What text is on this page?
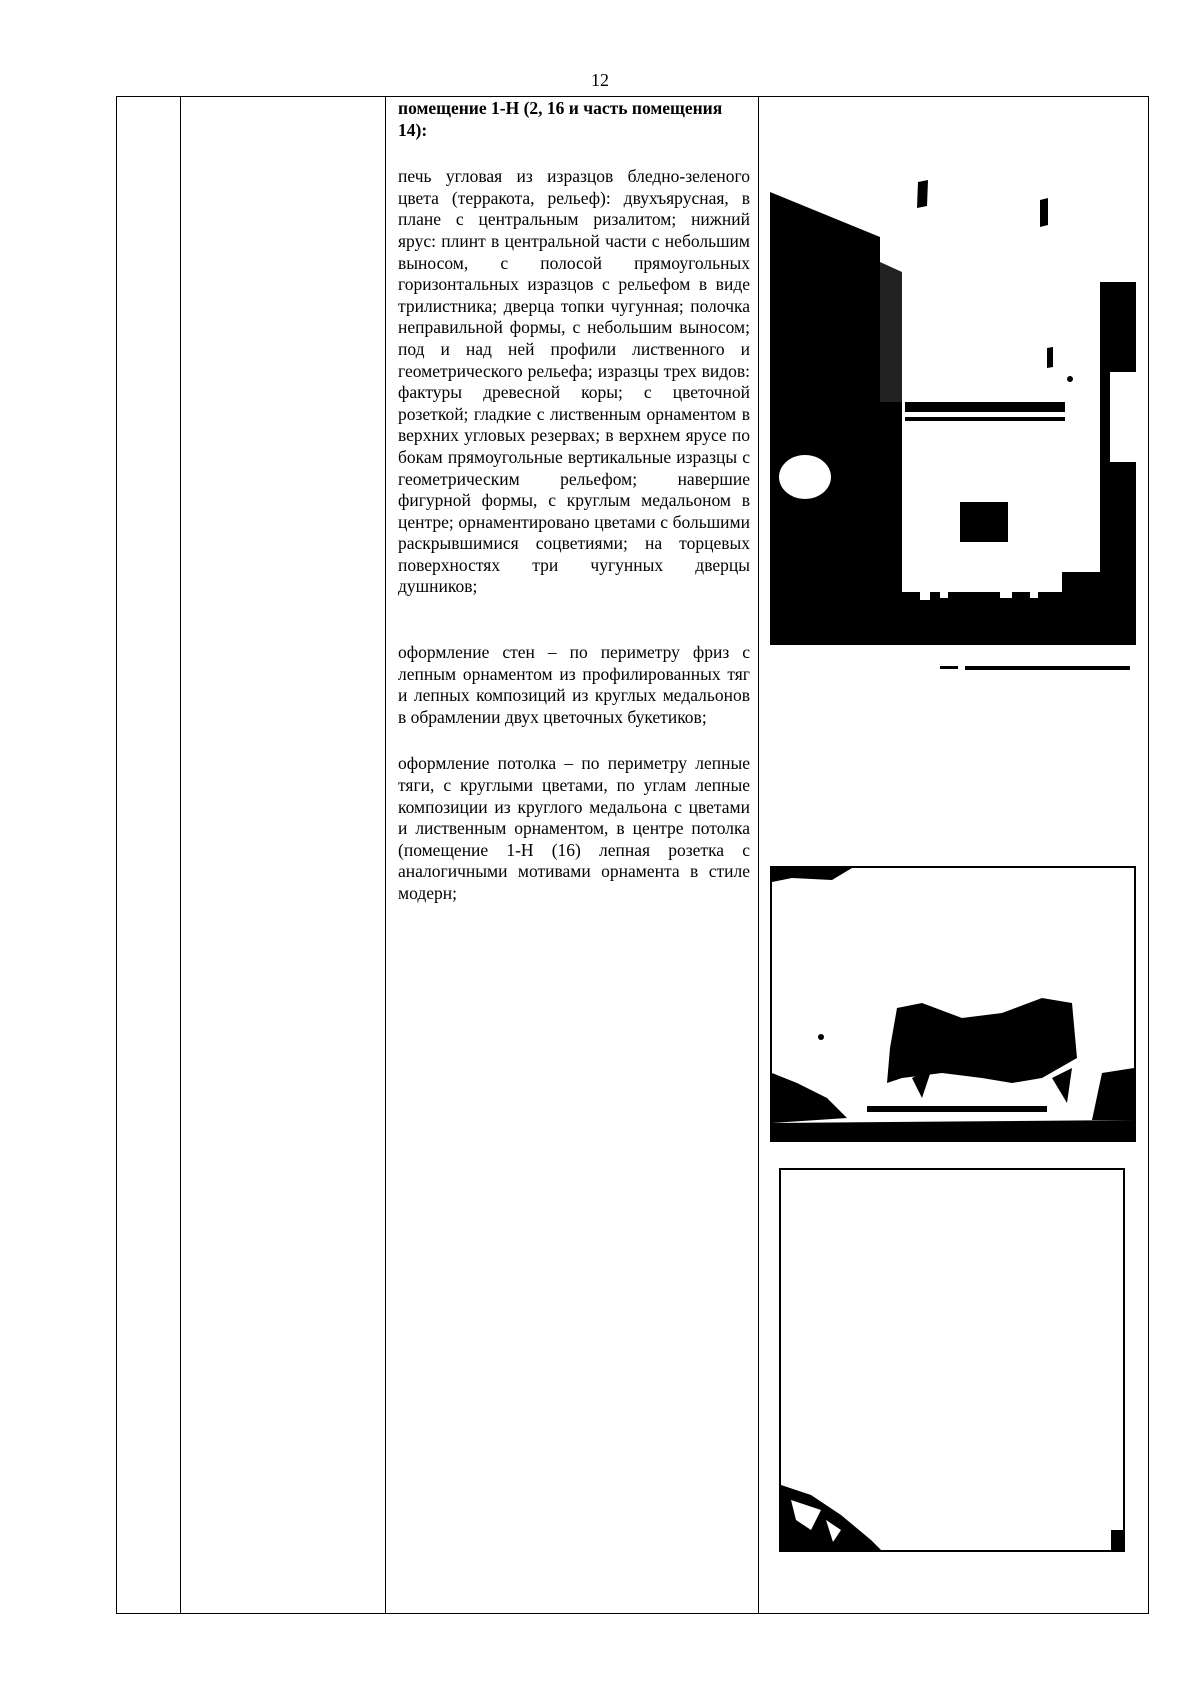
12

помещение 1-Н (2, 16 и часть помещения 14):

печь угловая из изразцов бледно-зеленого цвета (терракота, рельеф): двухъярусная, в плане с центральным ризалитом; нижний ярус: плинт в центральной части с небольшим выносом, с полосой прямоугольных горизонтальных изразцов с рельефом в виде трилистника; дверца топки чугунная; полочка неправильной формы, с небольшим выносом; под и над ней профили лиственного и геометрического рельефа; изразцы трех видов: фактуры древесной коры; с цветочной розеткой; гладкие с лиственным орнаментом в верхних угловых резервах; в верхнем ярусе по бокам прямоугольные вертикальные изразцы с геометрическим рельефом; навершие фигурной формы, с круглым медальоном в центре; орнаментировано цветами с большими раскрывшимися соцветиями; на торцевых поверхностях три чугунных дверцы душников;

оформление стен – по периметру фриз с лепным орнаментом из профилированных тяг и лепных композиций из круглых медальонов в обрамлении двух цветочных букетиков;

оформление потолка – по периметру лепные тяги, с круглыми цветами, по углам лепные композиции из круглого медальона с цветами и лиственным орнаментом, в центре потолка (помещение 1-Н (16) лепная розетка с аналогичными мотивами орнамента в стиле модерн;
